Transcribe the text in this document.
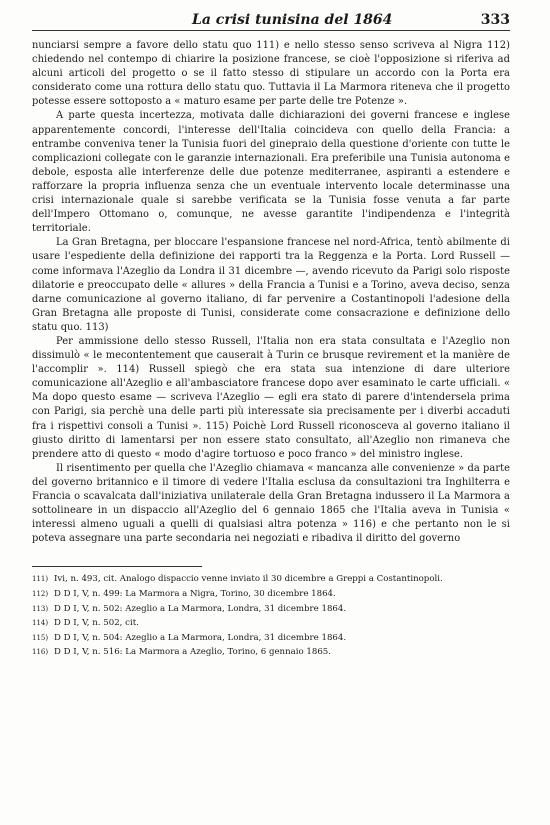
La crisi tunisina del 1864	333

nunciarsi sempre a favore dello statu quo 111) e nello stesso senso scriveva al Nigra 112) chiedendo nel contempo di chiarire la posizione francese, se cioè l'opposizione si riferiva ad alcuni articoli del progetto o se il fatto stesso di stipulare un accordo con la Porta era considerato come una rottura dello statu quo. Tuttavia il La Marmora riteneva che il progetto potesse essere sottoposto a « maturo esame per parte delle tre Potenze ».

A parte questa incertezza, motivata dalle dichiarazioni dei governi francese e inglese apparentemente concordi, l'interesse dell'Italia coincideva con quello della Francia: a entrambe conveniva tener la Tunisia fuori del ginepraio della questione d'oriente con tutte le complicazioni collegate con le garanzie internazionali. Era preferibile una Tunisia autonoma e debole, esposta alle interferenze delle due potenze mediterranee, aspiranti a estendere e rafforzare la propria influenza senza che un eventuale intervento locale determinasse una crisi internazionale quale si sarebbe verificata se la Tunisia fosse venuta a far parte dell'Impero Ottomano o, comunque, ne avesse garantite l'indipendenza e l'integrità territoriale.

La Gran Bretagna, per bloccare l'espansione francese nel nord-Africa, tentò abilmente di usare l'espediente della definizione dei rapporti tra la Reggenza e la Porta. Lord Russell — come informava l'Azeglio da Londra il 31 dicembre —, avendo ricevuto da Parigi solo risposte dilatorie e preoccupato delle « allures » della Francia a Tunisi e a Torino, aveva deciso, senza darne comunicazione al governo italiano, di far pervenire a Costantinopoli l'adesione della Gran Bretagna alle proposte di Tunisi, considerate come consacrazione e definizione dello statu quo. 113)

Per ammissione dello stesso Russell, l'Italia non era stata consultata e l'Azeglio non dissimulò « le mecontentement que causerait à Turin ce brusque revirement et la manière de l'accomplir ». 114) Russell spiegò che era stata sua intenzione di dare ulteriore comunicazione all'Azeglio e all'ambasciatore francese dopo aver esaminato le carte ufficiali. « Ma dopo questo esame — scriveva l'Azeglio — egli era stato di parere d'intendersela prima con Parigi, sia perchè una delle parti più interessate sia precisamente per i diverbi accaduti fra i rispettivi consoli a Tunisi ». 115) Poichè Lord Russell riconosceva al governo italiano il giusto diritto di lamentarsi per non essere stato consultato, all'Azeglio non rimaneva che prendere atto di questo « modo d'agire tortuoso e poco franco » del ministro inglese.

Il risentimento per quella che l'Azeglio chiamava « mancanza alle convenienze » da parte del governo britannico e il timore di vedere l'Italia esclusa da consultazioni tra Inghilterra e Francia o scavalcata dall'iniziativa unilaterale della Gran Bretagna indussero il La Marmora a sottolineare in un dispaccio all'Azeglio del 6 gennaio 1865 che l'Italia aveva in Tunisia « interessi almeno uguali a quelli di qualsiasi altra potenza » 116) e che pertanto non le si poteva assegnare una parte secondaria nei negoziati e ribadiva il diritto del governo

111) Ivi, n. 493, cit. Analogo dispaccio venne inviato il 30 dicembre a Greppi a Costantinopoli.
112) D D I, V, n. 499: La Marmora a Nigra, Torino, 30 dicembre 1864.
113) D D I, V, n. 502: Azeglio a La Marmora, Londra, 31 dicembre 1864.
114) D D I, V, n. 502, cit.
115) D D I, V, n. 504: Azeglio a La Marmora, Londra, 31 dicembre 1864.
116) D D I, V, n. 516: La Marmora a Azeglio, Torino, 6 gennaio 1865.
